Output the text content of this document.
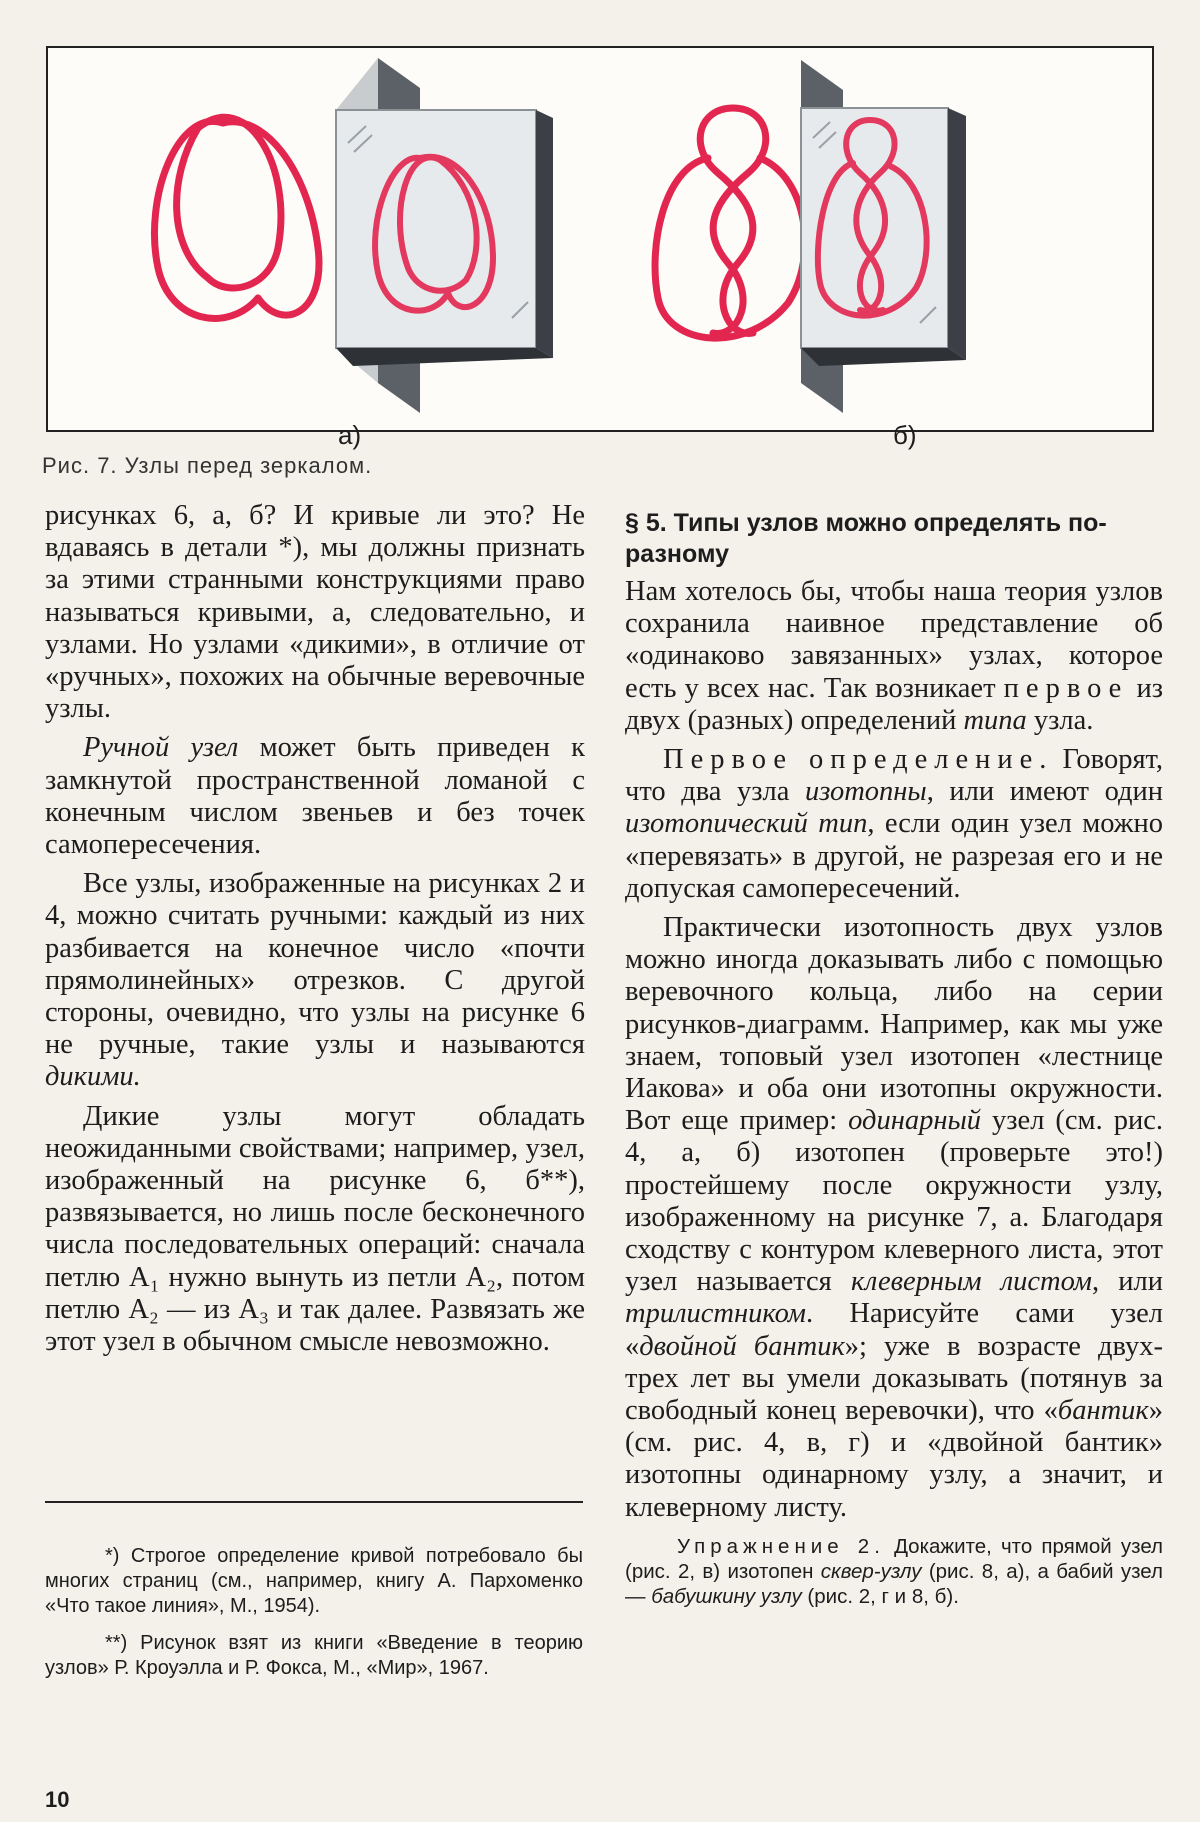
а)	б)
Рис. 7. Узлы перед зеркалом.

рисунках 6, а, б? И кривые ли это? Не вдаваясь в детали *), мы должны признать за этими странными конструкциями право называться кривыми, а, следовательно, и узлами. Но узлами «дикими», в отличие от «ручных», похожих на обычные веревочные узлы.

Ручной узел может быть приведен к замкнутой пространственной ломаной с конечным числом звеньев и без точек самопересечения.

Все узлы, изображенные на рисунках 2 и 4, можно считать ручными: каждый из них разбивается на конечное число «почти прямолинейных» отрезков. С другой стороны, очевидно, что узлы на рисунке 6 не ручные, такие узлы и называются дикими.

Дикие узлы могут обладать неожиданными свойствами; например, узел, изображенный на рисунке 6, б**), развязывается, но лишь после бесконечного числа последовательных операций: сначала петлю A₁ нужно вынуть из петли A₂, потом петлю A₂ — из A₃ и так далее. Развязать же этот узел в обычном смысле невозможно.

*) Строгое определение кривой потребовало бы многих страниц (см., например, книгу А. Пархоменко «Что такое линия», М., 1954).

**) Рисунок взят из книги «Введение в теорию узлов» Р. Кроуэлла и Р. Фокса, М., «Мир», 1967.

§ 5. Типы узлов можно определять по-разному

Нам хотелось бы, чтобы наша теория узлов сохранила наивное представление об «одинаково завязанных» узлах, которое есть у всех нас. Так возникает первое из двух (разных) определений типа узла.

Первое определение. Говорят, что два узла изотопны, или имеют один изотопический тип, если один узел можно «перевязать» в другой, не разрезая его и не допуская самопересечений.

Практически изотопность двух узлов можно иногда доказывать либо с помощью веревочного кольца, либо на серии рисунков-диаграмм. Например, как мы уже знаем, топовый узел изотопен «лестнице Иакова» и оба они изотопны окружности. Вот еще пример: одинарный узел (см. рис. 4, а, б) изотопен (проверьте это!) простейшему после окружности узлу, изображенному на рисунке 7, а. Благодаря сходству с контуром клеверного листа, этот узел называется клеверным листом, или трилистником. Нарисуйте сами узел «двойной бантик»; уже в возрасте двух-трех лет вы умели доказывать (потянув за свободный конец веревочки), что «бантик» (см. рис. 4, в, г) и «двойной бантик» изотопны одинарному узлу, а значит, и клеверному листу.

Упражнение 2. Докажите, что прямой узел (рис. 2, в) изотопен сквер-узлу (рис. 8, а), а бабий узел — бабушкину узлу (рис. 2, г и 8, б).

10
